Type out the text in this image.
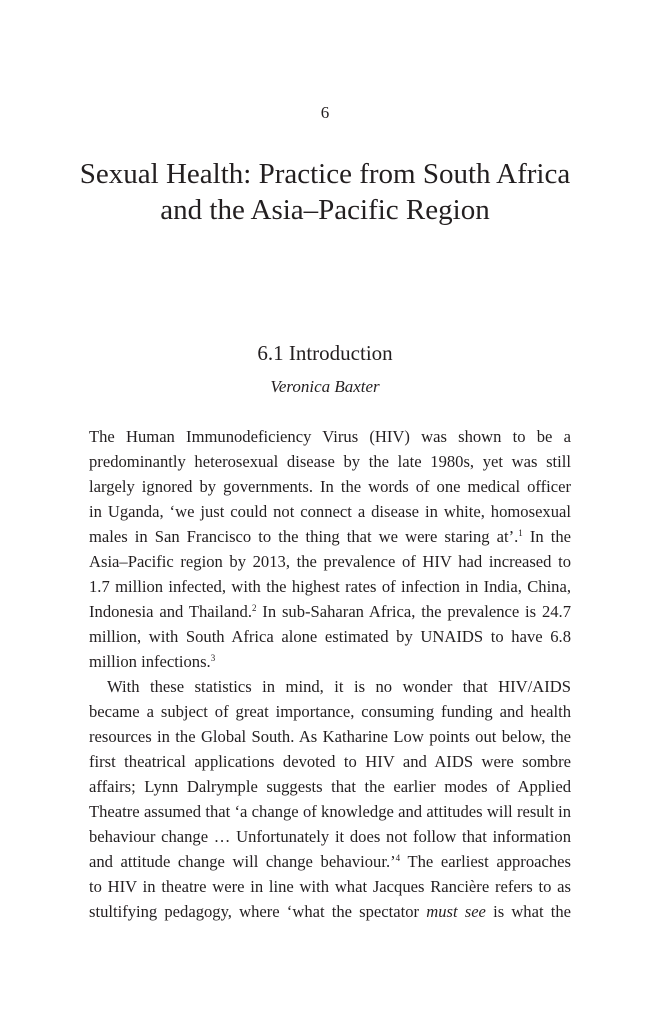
6
Sexual Health: Practice from South Africa
and the Asia–Pacific Region
6.1 Introduction
Veronica Baxter

The Human Immunodeficiency Virus (HIV) was shown to be a
predominantly heterosexual disease by the late 1980s, yet was still
largely ignored by governments. In the words of one medical officer
in Uganda, ‘we just could not connect a disease in white, homosexual
males in San Francisco to the thing that we were staring at’.$^1$ In the
Asia–Pacific region by 2013, the prevalence of HIV had increased to
1.7 million infected, with the highest rates of infection in India, China,
Indonesia and Thailand.$^2$ In sub-Saharan Africa, the prevalence is 24.7
million, with South Africa alone estimated by UNAIDS to have 6.8
million infections.$^3$

With these statistics in mind, it is no wonder that HIV/AIDS
became a subject of great importance, consuming funding and health
resources in the Global South. As Katharine Low points out below, the
first theatrical applications devoted to HIV and AIDS were sombre
affairs; Lynn Dalrymple suggests that the earlier modes of Applied
Theatre assumed that ‘a change of knowledge and attitudes will result in
behaviour change … Unfortunately it does not follow that information
and attitude change will change behaviour.’$^4$ The earliest approaches
to HIV in theatre were in line with what Jacques Rancière refers to as
stultifying pedagogy, where ‘what the spectator must see is what the
